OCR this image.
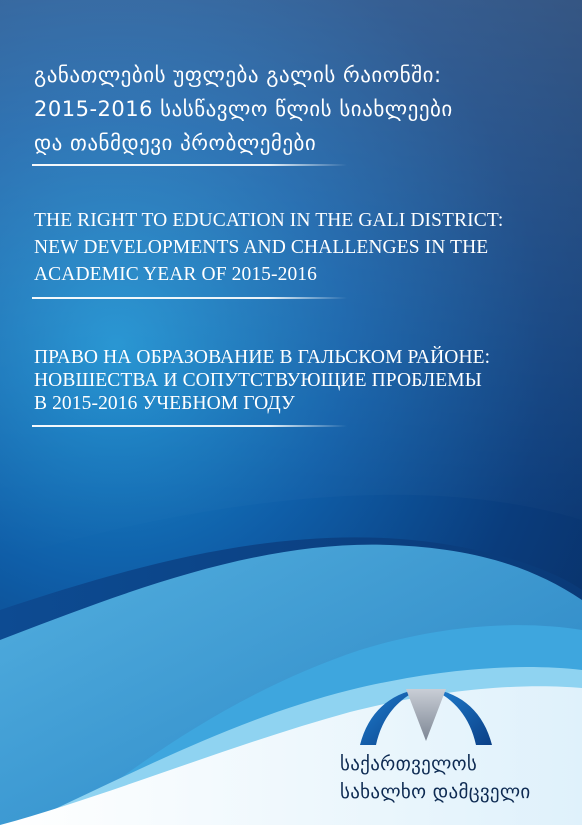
განათლების უფლება გალის რაიონში:
2015-2016 სასწავლო წლის სიახლეები
და თანმდევი პრობლემები
THE RIGHT TO EDUCATION IN THE GALI DISTRICT:
NEW DEVELOPMENTS AND CHALLENGES IN THE
ACADEMIC YEAR OF 2015-2016
ПРАВО НА ОБРАЗОВАНИЕ В ГАЛЬСКОМ РАЙОНЕ:
НОВШЕСТВА И СОПУТСТВУЮЩИЕ ПРОБЛЕМЫ
В 2015-2016 УЧЕБНОМ ГОДУ
საქართველოს
სახალხო დამცველი
